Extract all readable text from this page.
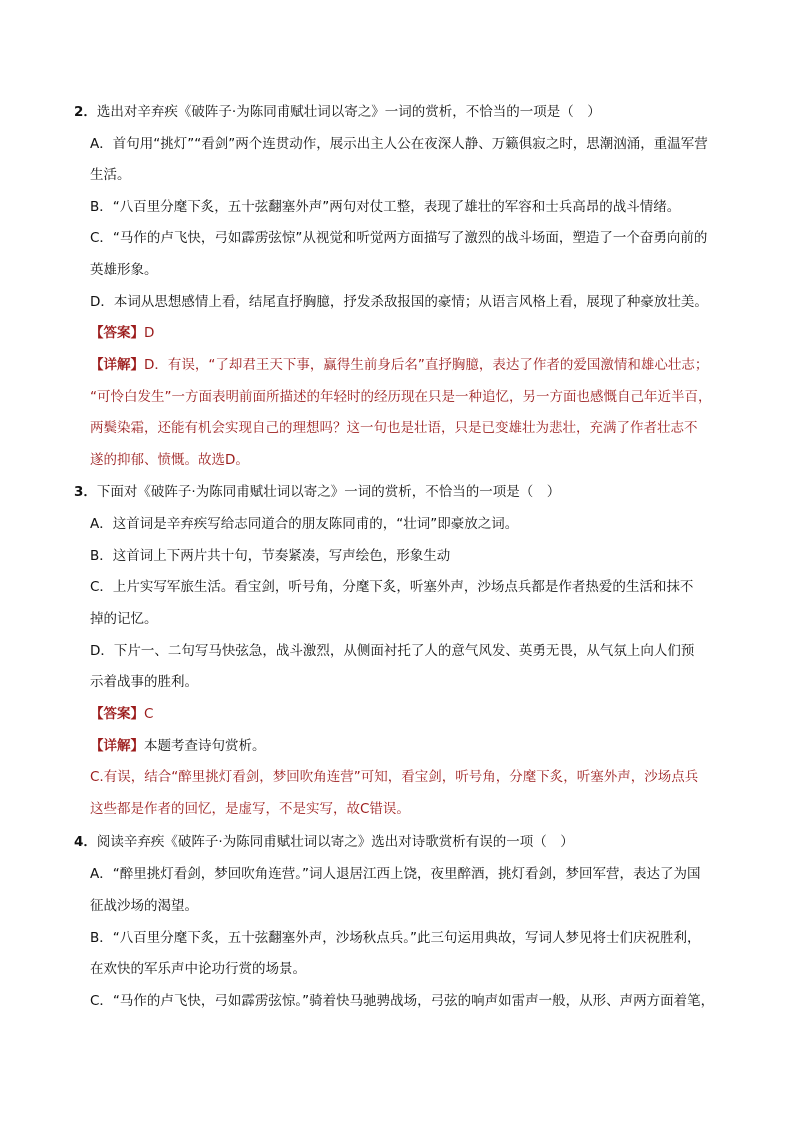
2．选出对辛弃疾《破阵子·为陈同甫赋壮词以寄之》一词的赏析，不恰当的一项是（　）
A．首句用“挑灯”“看剑”两个连贯动作，展示出主人公在夜深人静、万籁俱寂之时，思潮汹涌，重温军营
生活。
B．“八百里分麾下炙，五十弦翻塞外声”两句对仗工整，表现了雄壮的军容和士兵高昂的战斗情绪。
C．“马作的卢飞快，弓如霹雳弦惊”从视觉和听觉两方面描写了激烈的战斗场面，塑造了一个奋勇向前的
英雄形象。
D．本词从思想感情上看，结尾直抒胸臆，抒发杀敌报国的豪情；从语言风格上看，展现了种豪放壮美。
【答案】D
【详解】D．有误，“了却君王天下事，赢得生前身后名”直抒胸臆，表达了作者的爱国激情和雄心壮志；
“可怜白发生”一方面表明前面所描述的年轻时的经历现在只是一种追忆，另一方面也感慨自己年近半百，
两鬓染霜，还能有机会实现自己的理想吗？这一句也是壮语，只是已变雄壮为悲壮，充满了作者壮志不
遂的抑郁、愤慨。故选D。
3．下面对《破阵子·为陈同甫赋壮词以寄之》一词的赏析，不恰当的一项是（　）
A．这首词是辛弃疾写给志同道合的朋友陈同甫的，“壮词”即豪放之词。
B．这首词上下两片共十句，节奏紧凑，写声绘色，形象生动
C．上片实写军旅生活。看宝剑，听号角，分麾下炙，听塞外声，沙场点兵都是作者热爱的生活和抹不
掉的记忆。
D．下片一、二句写马快弦急，战斗激烈，从侧面衬托了人的意气风发、英勇无畏，从气氛上向人们预
示着战事的胜利。
【答案】C
【详解】本题考查诗句赏析。
C.有误，结合“醉里挑灯看剑，梦回吹角连营”可知，看宝剑，听号角，分麾下炙，听塞外声，沙场点兵
这些都是作者的回忆，是虚写，不是实写，故C错误。
4．阅读辛弃疾《破阵子·为陈同甫赋壮词以寄之》选出对诗歌赏析有误的一项（　）
A．“醉里挑灯看剑，梦回吹角连营。”词人退居江西上饶，夜里醉酒，挑灯看剑，梦回军营，表达了为国
征战沙场的渴望。
B．“八百里分麾下炙，五十弦翻塞外声，沙场秋点兵。”此三句运用典故，写词人梦见将士们庆祝胜利，
在欢快的军乐声中论功行赏的场景。
C．“马作的卢飞快，弓如霹雳弦惊。”骑着快马驰骋战场，弓弦的响声如雷声一般，从形、声两方面着笔，
